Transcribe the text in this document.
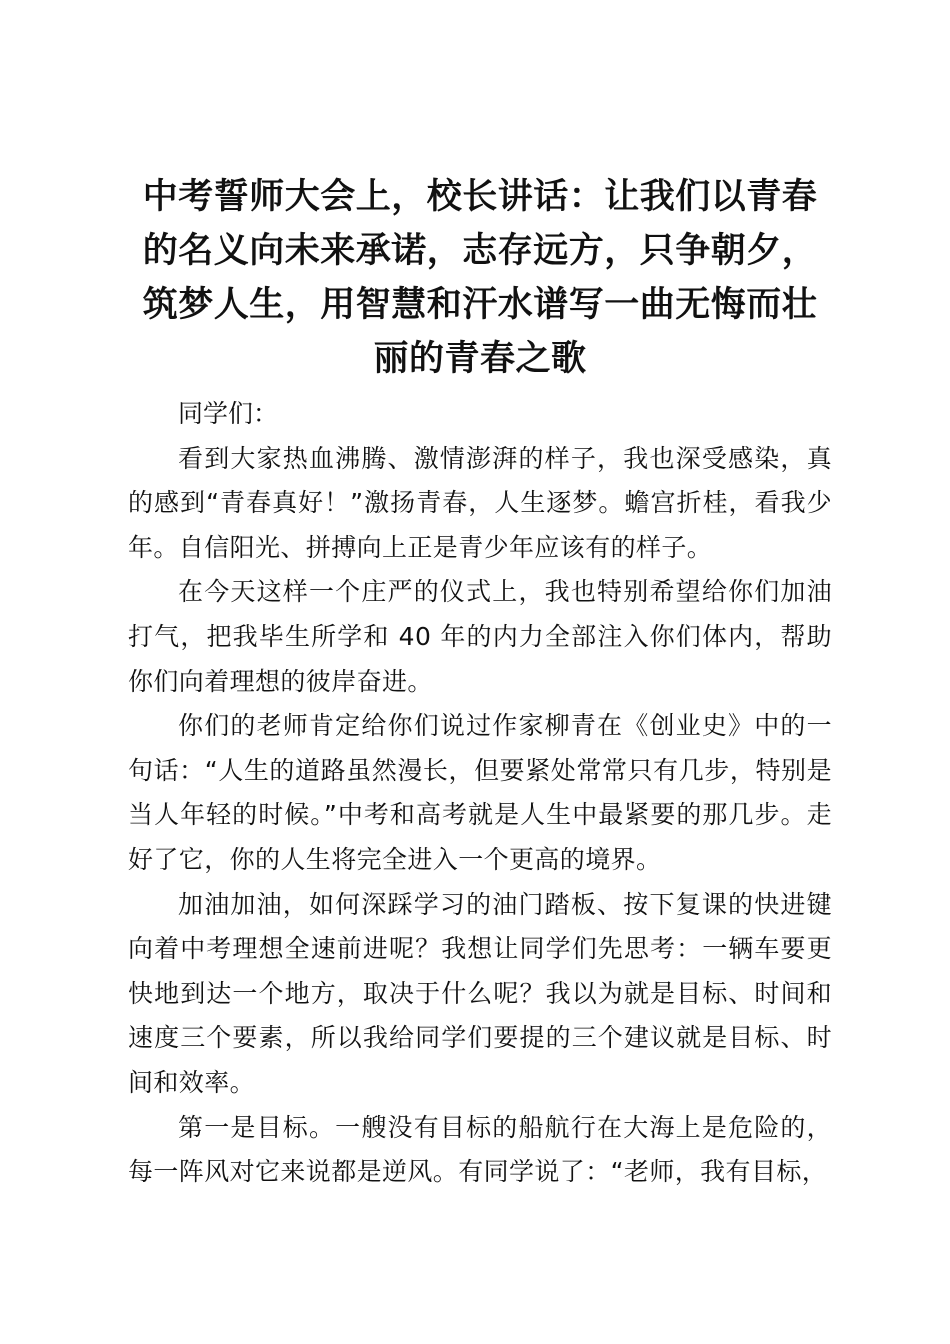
中考誓师大会上，校长讲话：让我们以青春的名义向未来承诺，志存远方，只争朝夕，筑梦人生，用智慧和汗水谱写一曲无悔而壮丽的青春之歌

同学们：

看到大家热血沸腾、激情澎湃的样子，我也深受感染，真的感到“青春真好！”激扬青春，人生逐梦。蟾宫折桂，看我少年。自信阳光、拼搏向上正是青少年应该有的样子。

在今天这样一个庄严的仪式上，我也特别希望给你们加油打气，把我毕生所学和 40 年的内力全部注入你们体内，帮助你们向着理想的彼岸奋进。

你们的老师肯定给你们说过作家柳青在《创业史》中的一句话：“人生的道路虽然漫长，但要紧处常常只有几步，特别是当人年轻的时候。”中考和高考就是人生中最紧要的那几步。走好了它，你的人生将完全进入一个更高的境界。

加油加油，如何深踩学习的油门踏板、按下复课的快进键向着中考理想全速前进呢？我想让同学们先思考：一辆车要更快地到达一个地方，取决于什么呢？我以为就是目标、时间和速度三个要素，所以我给同学们要提的三个建议就是目标、时间和效率。

第一是目标。一艘没有目标的船航行在大海上是危险的，每一阵风对它来说都是逆风。有同学说了：“老师，我有目标，
